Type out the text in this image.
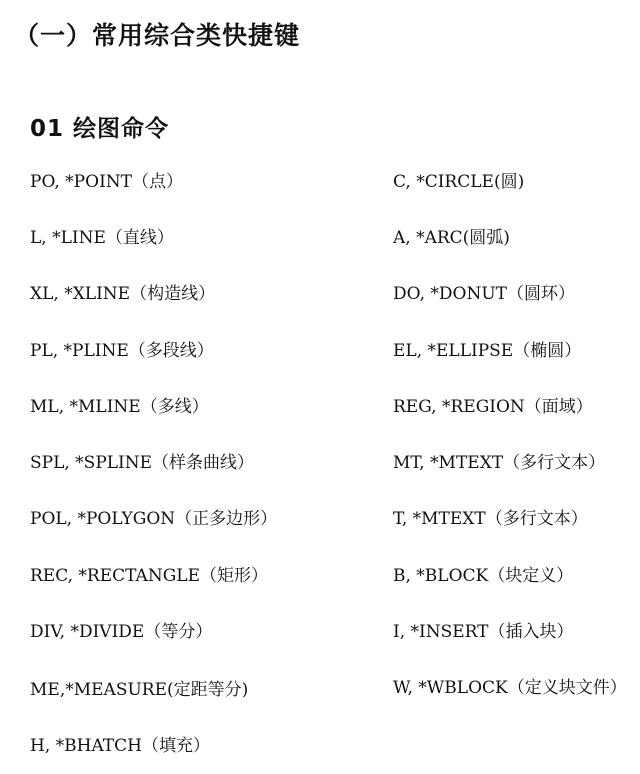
（一）常用综合类快捷键
01 绘图命令
PO, *POINT（点）
L, *LINE（直线）
XL, *XLINE（构造线）
PL, *PLINE（多段线）
ML, *MLINE（多线）
SPL, *SPLINE（样条曲线）
POL, *POLYGON（正多边形）
REC, *RECTANGLE（矩形）
DIV, *DIVIDE（等分）
ME,*MEASURE(定距等分)
H, *BHATCH（填充）
C, *CIRCLE(圆)
A, *ARC(圆弧)
DO, *DONUT（圆环）
EL, *ELLIPSE（椭圆）
REG, *REGION（面域）
MT, *MTEXT（多行文本）
T, *MTEXT（多行文本）
B, *BLOCK（块定义）
I, *INSERT（插入块）
W, *WBLOCK（定义块文件）
